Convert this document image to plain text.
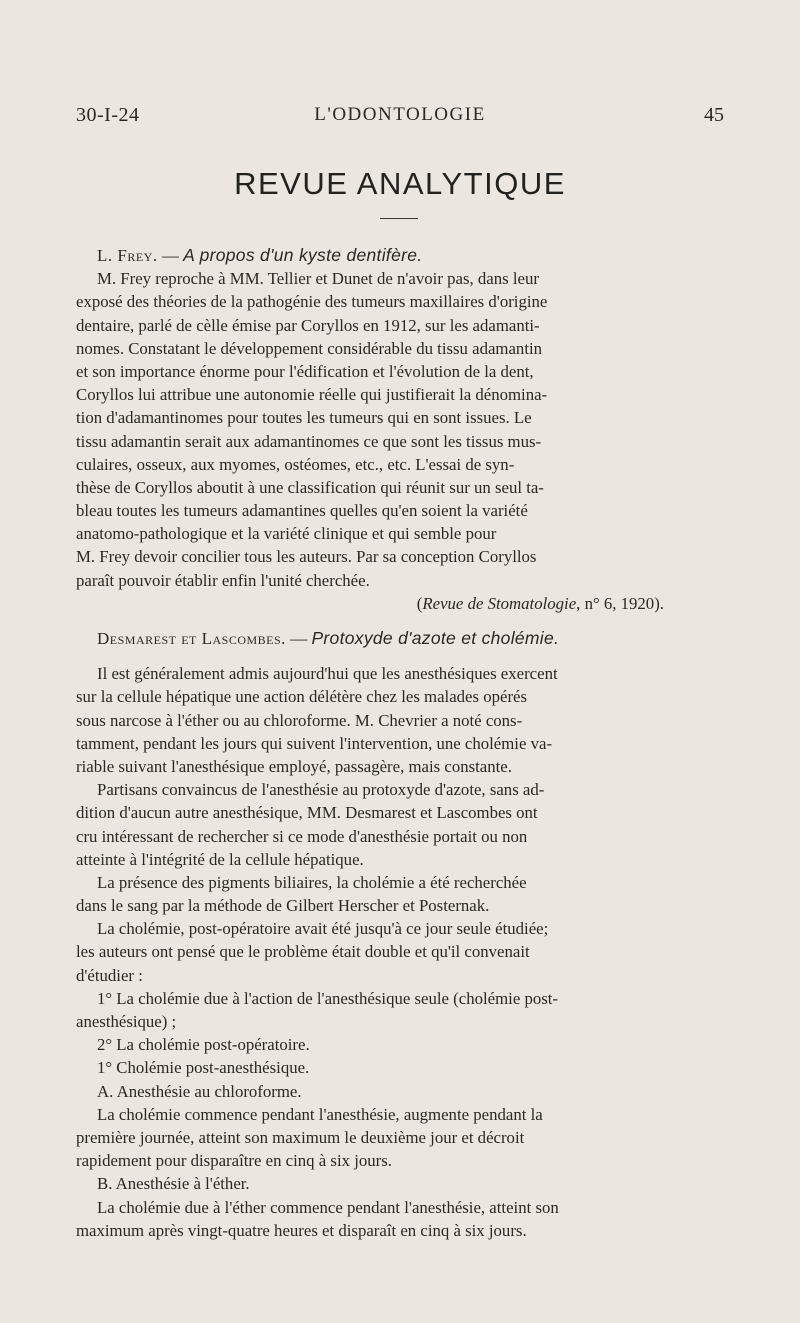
30-I-24	L'ODONTOLOGIE	45
REVUE ANALYTIQUE
L. Frey. — A propos d'un kyste dentifère.
M. Frey reproche à MM. Tellier et Dunet de n'avoir pas, dans leur
exposé des théories de la pathogénie des tumeurs maxillaires d'origine
dentaire, parlé de cèlle émise par Coryllos en 1912, sur les adamanti-
nomes. Constatant le développement considérable du tissu adamantin
et son importance énorme pour l'édification et l'évolution de la dent,
Coryllos lui attribue une autonomie réelle qui justifierait la dénomina-
tion d'adamantinomes pour toutes les tumeurs qui en sont issues. Le
tissu adamantin serait aux adamantinomes ce que sont les tissus mus-
culaires, osseux, aux myomes, ostéomes, etc., etc. L'essai de syn-
thèse de Coryllos aboutit à une classification qui réunit sur un seul ta-
bleau toutes les tumeurs adamantines quelles qu'en soient la variété
anatomo-pathologique et la variété clinique et qui semble pour
M. Frey devoir concilier tous les auteurs. Par sa conception Coryllos
paraît pouvoir établir enfin l'unité cherchée.
( Revue de Stomatologie , n° 6, 1920).
Desmarest et Lascombes. — Protoxyde d'azote et cholémie.
Il est généralement admis aujourd'hui que les anesthésiques exercent
sur la cellule hépatique une action délétère chez les malades opérés
sous narcose à l'éther ou au chloroforme. M. Chevrier a noté cons-
tamment, pendant les jours qui suivent l'intervention, une cholémie va-
riable suivant l'anesthésique employé, passagère, mais constante.
Partisans convaincus de l'anesthésie au protoxyde d'azote, sans ad-
dition d'aucun autre anesthésique, MM. Desmarest et Lascombes ont
cru intéressant de rechercher si ce mode d'anesthésie portait ou non
atteinte à l'intégrité de la cellule hépatique.
La présence des pigments biliaires, la cholémie a été recherchée
dans le sang par la méthode de Gilbert Herscher et Posternak.
La cholémie, post-opératoire avait été jusqu'à ce jour seule étudiée;
les auteurs ont pensé que le problème était double et qu'il convenait
d'étudier :
1° La cholémie due à l'action de l'anesthésique seule (cholémie post-
anesthésique) ;
2° La cholémie post-opératoire.
1° Cholémie post-anesthésique.
A. Anesthésie au chloroforme.
La cholémie commence pendant l'anesthésie, augmente pendant la
première journée, atteint son maximum le deuxième jour et décroit
rapidement pour disparaître en cinq à six jours.
B. Anesthésie à l'éther.
La cholémie due à l'éther commence pendant l'anesthésie, atteint son
maximum après vingt-quatre heures et disparaît en cinq à six jours.
